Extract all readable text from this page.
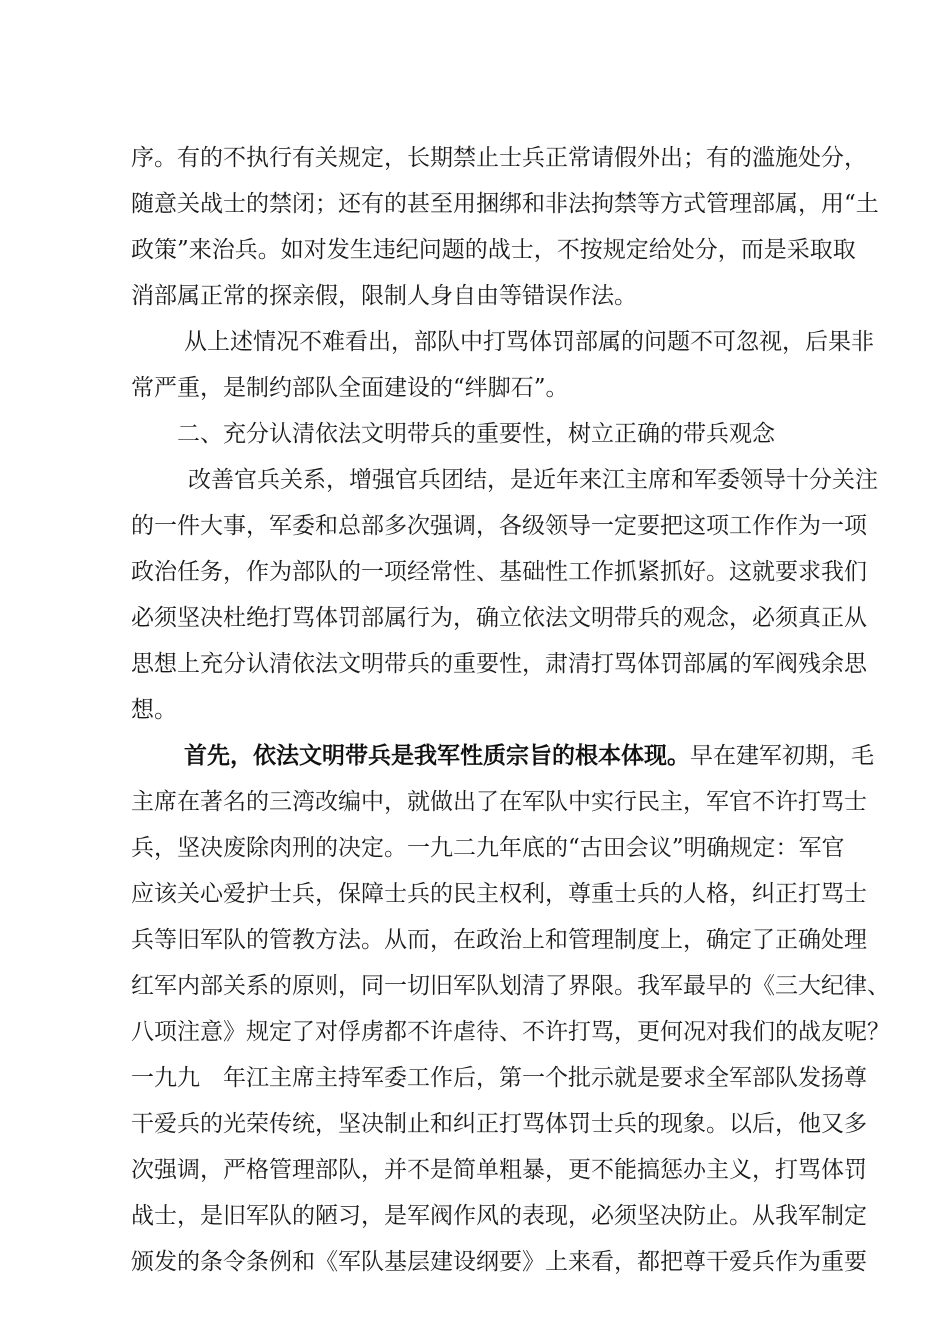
序。有的不执行有关规定，长期禁止士兵正常请假外出；有的滥施处分，
随意关战士的禁闭；还有的甚至用捆绑和非法拘禁等方式管理部属，用“土
政策”来治兵。如对发生违纪问题的战士，不按规定给处分，而是采取取
消部属正常的探亲假，限制人身自由等错误作法。
从上述情况不难看出，部队中打骂体罚部属的问题不可忽视，后果非
常严重，是制约部队全面建设的“绊脚石”。
二、充分认清依法文明带兵的重要性，树立正确的带兵观念
改善官兵关系，增强官兵团结，是近年来江主席和军委领导十分关注
的一件大事，军委和总部多次强调，各级领导一定要把这项工作作为一项
政治任务，作为部队的一项经常性、基础性工作抓紧抓好。这就要求我们
必须坚决杜绝打骂体罚部属行为，确立依法文明带兵的观念，必须真正从
思想上充分认清依法文明带兵的重要性，肃清打骂体罚部属的军阀残余思
想。
首先，依法文明带兵是我军性质宗旨的根本体现。早在建军初期，毛
主席在著名的三湾改编中，就做出了在军队中实行民主，军官不许打骂士
兵，坚决废除肉刑的决定。一九二九年底的“古田会议”明确规定：军官
应该关心爱护士兵，保障士兵的民主权利，尊重士兵的人格，纠正打骂士
兵等旧军队的管教方法。从而，在政治上和管理制度上，确定了正确处理
红军内部关系的原则，同一切旧军队划清了界限。我军最早的《三大纪律、
八项注意》规定了对俘虏都不许虐待、不许打骂，更何况对我们的战友呢？
一九九　年江主席主持军委工作后，第一个批示就是要求全军部队发扬尊
干爱兵的光荣传统，坚决制止和纠正打骂体罚士兵的现象。以后，他又多
次强调，严格管理部队，并不是简单粗暴，更不能搞惩办主义，打骂体罚
战士，是旧军队的陋习，是军阀作风的表现，必须坚决防止。从我军制定
颁发的条令条例和《军队基层建设纲要》上来看，都把尊干爱兵作为重要
